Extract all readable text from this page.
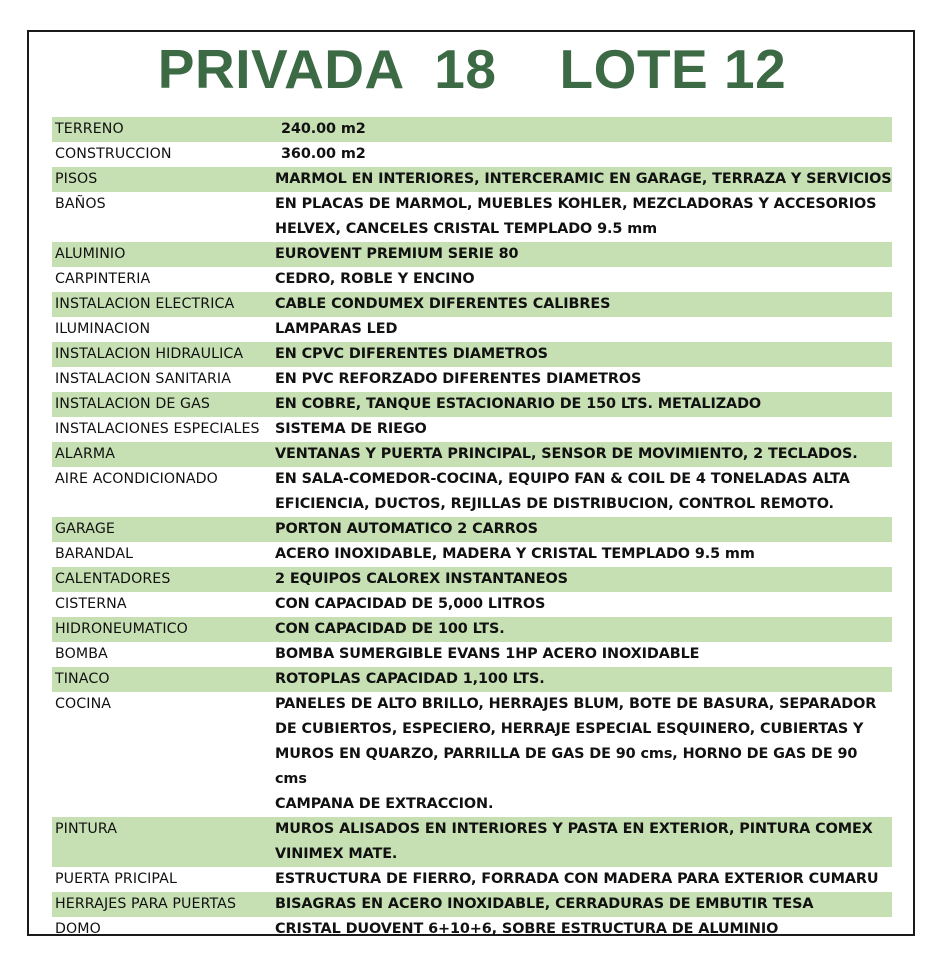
PRIVADA  18    LOTE 12
TERRENO	240.00 m2
CONSTRUCCION	360.00 m2
PISOS	MARMOL EN INTERIORES, INTERCERAMIC EN GARAGE, TERRAZA Y SERVICIOS
BAÑOS	EN PLACAS DE MARMOL, MUEBLES KOHLER, MEZCLADORAS Y ACCESORIOS
HELVEX, CANCELES CRISTAL TEMPLADO 9.5 mm
ALUMINIO	EUROVENT PREMIUM SERIE 80
CARPINTERIA	CEDRO, ROBLE Y ENCINO
INSTALACION ELECTRICA	CABLE CONDUMEX DIFERENTES CALIBRES
ILUMINACION	LAMPARAS LED
INSTALACION HIDRAULICA	EN CPVC DIFERENTES DIAMETROS
INSTALACION SANITARIA	EN PVC REFORZADO DIFERENTES DIAMETROS
INSTALACION DE GAS	EN COBRE, TANQUE ESTACIONARIO DE 150 LTS. METALIZADO
INSTALACIONES ESPECIALES	SISTEMA DE RIEGO
ALARMA	VENTANAS Y PUERTA PRINCIPAL, SENSOR DE MOVIMIENTO, 2 TECLADOS.
AIRE ACONDICIONADO	EN SALA-COMEDOR-COCINA, EQUIPO FAN & COIL DE 4 TONELADAS ALTA
EFICIENCIA, DUCTOS, REJILLAS DE DISTRIBUCION, CONTROL REMOTO.
GARAGE	PORTON AUTOMATICO 2 CARROS
BARANDAL	ACERO INOXIDABLE, MADERA Y CRISTAL TEMPLADO 9.5 mm
CALENTADORES	2 EQUIPOS CALOREX INSTANTANEOS
CISTERNA	CON CAPACIDAD DE 5,000 LITROS
HIDRONEUMATICO	CON CAPACIDAD DE 100 LTS.
BOMBA	BOMBA SUMERGIBLE EVANS 1HP ACERO INOXIDABLE
TINACO	ROTOPLAS CAPACIDAD 1,100 LTS.
COCINA	PANELES DE ALTO BRILLO, HERRAJES BLUM, BOTE DE BASURA, SEPARADOR
DE CUBIERTOS, ESPECIERO, HERRAJE ESPECIAL ESQUINERO, CUBIERTAS Y
MUROS EN QUARZO, PARRILLA DE GAS DE 90 cms, HORNO DE GAS DE 90 cms
CAMPANA DE EXTRACCION.
PINTURA	MUROS ALISADOS EN INTERIORES Y PASTA EN EXTERIOR, PINTURA COMEX
VINIMEX MATE.
PUERTA PRICIPAL	ESTRUCTURA DE FIERRO, FORRADA CON MADERA PARA EXTERIOR CUMARU
HERRAJES PARA PUERTAS	BISAGRAS EN ACERO INOXIDABLE, CERRADURAS DE EMBUTIR TESA
DOMO	CRISTAL DUOVENT 6+10+6, SOBRE ESTRUCTURA DE ALUMINIO
